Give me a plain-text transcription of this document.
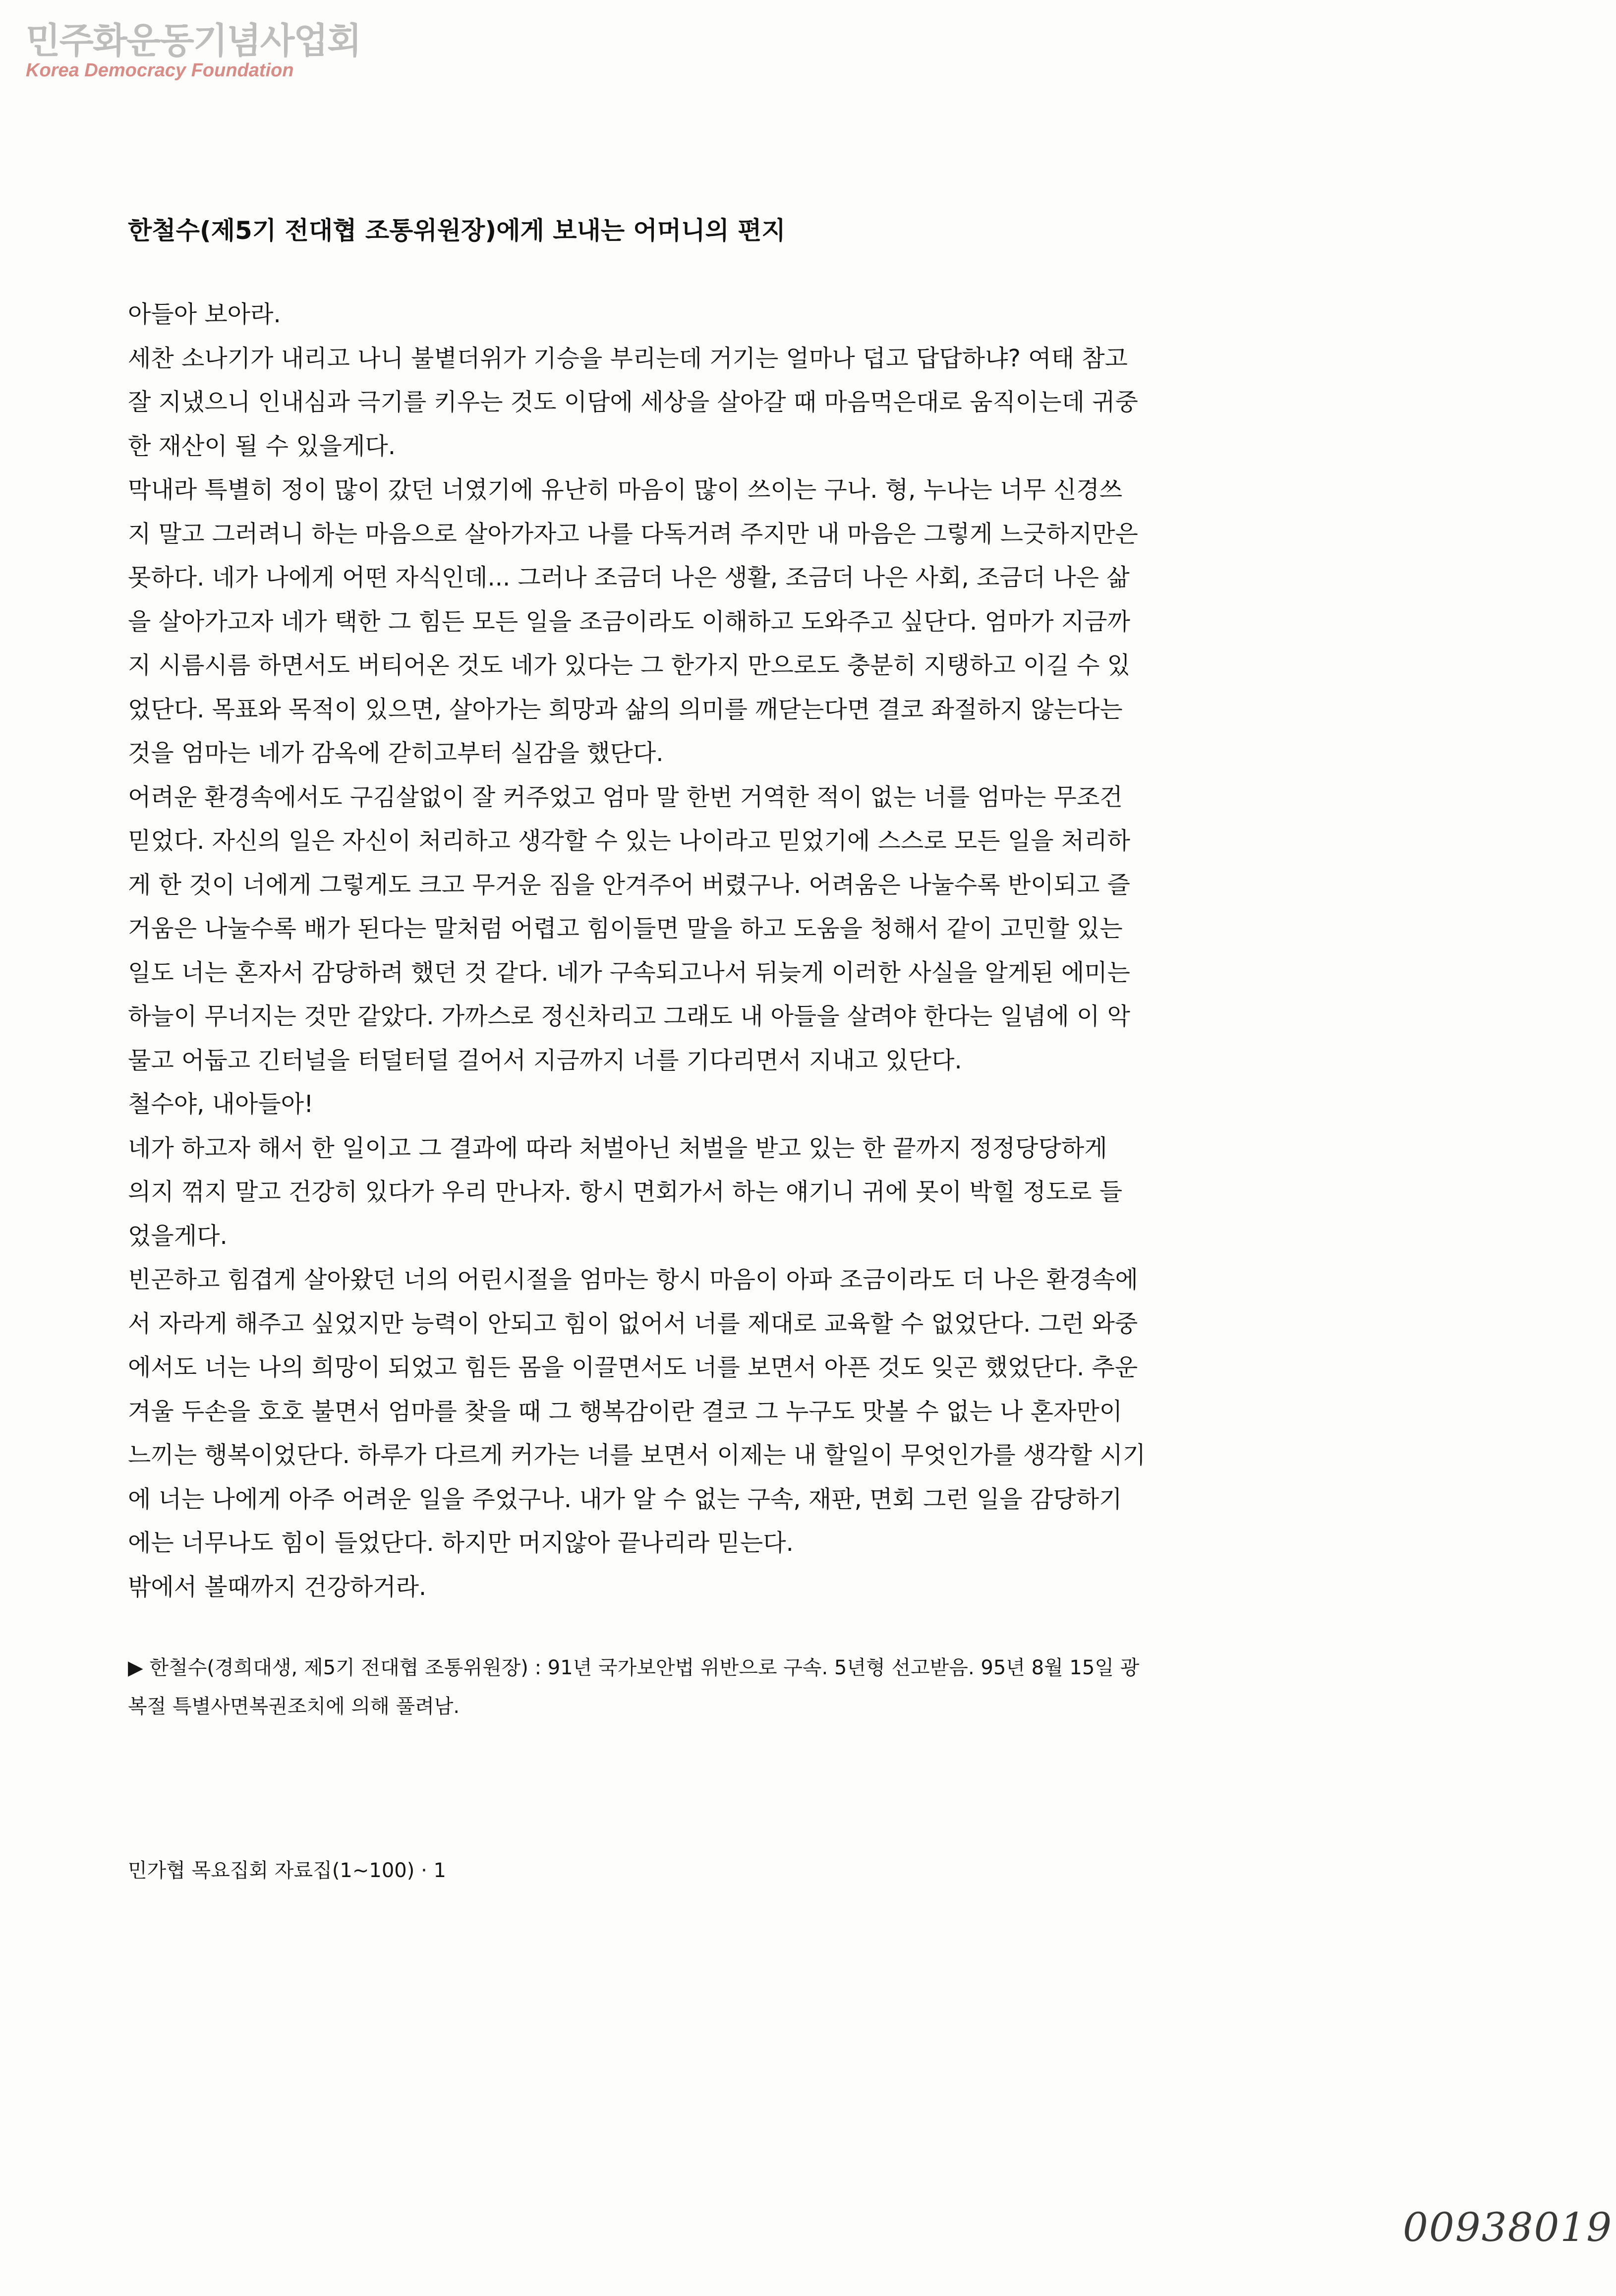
민주화운동기념사업회
Korea Democracy Foundation
한철수(제5기 전대협 조통위원장)에게 보내는 어머니의 편지
아들아 보아라.
세찬 소나기가 내리고 나니 불볕더위가 기승을 부리는데 거기는 얼마나 덥고 답답하냐? 여태 참고
잘 지냈으니 인내심과 극기를 키우는 것도 이담에 세상을 살아갈 때 마음먹은대로 움직이는데 귀중
한 재산이 될 수 있을게다.
막내라 특별히 정이 많이 갔던 너였기에 유난히 마음이 많이 쓰이는 구나. 형, 누나는 너무 신경쓰
지 말고 그러려니 하는 마음으로 살아가자고 나를 다독거려 주지만 내 마음은 그렇게 느긋하지만은
못하다. 네가 나에게 어떤 자식인데... 그러나 조금더 나은 생활, 조금더 나은 사회, 조금더 나은 삶
을 살아가고자 네가 택한 그 힘든 모든 일을 조금이라도 이해하고 도와주고 싶단다. 엄마가 지금까
지 시름시름 하면서도 버티어온 것도 네가 있다는 그 한가지 만으로도 충분히 지탱하고 이길 수 있
었단다. 목표와 목적이 있으면, 살아가는 희망과 삶의 의미를 깨닫는다면 결코 좌절하지 않는다는
것을 엄마는 네가 감옥에 갇히고부터 실감을 했단다.
어려운 환경속에서도 구김살없이 잘 커주었고 엄마 말 한번 거역한 적이 없는 너를 엄마는 무조건
믿었다. 자신의 일은 자신이 처리하고 생각할 수 있는 나이라고 믿었기에 스스로 모든 일을 처리하
게 한 것이 너에게 그렇게도 크고 무거운 짐을 안겨주어 버렸구나. 어려움은 나눌수록 반이되고 즐
거움은 나눌수록 배가 된다는 말처럼 어렵고 힘이들면 말을 하고 도움을 청해서 같이 고민할 있는
일도 너는 혼자서 감당하려 했던 것 같다. 네가 구속되고나서 뒤늦게 이러한 사실을 알게된 에미는
하늘이 무너지는 것만 같았다. 가까스로 정신차리고 그래도 내 아들을 살려야 한다는 일념에 이 악
물고 어둡고 긴터널을 터덜터덜 걸어서 지금까지 너를 기다리면서 지내고 있단다.
철수야, 내아들아!
네가 하고자 해서 한 일이고 그 결과에 따라 처벌아닌 처벌을 받고 있는 한 끝까지 정정당당하게
의지 꺾지 말고 건강히 있다가 우리 만나자. 항시 면회가서 하는 얘기니 귀에 못이 박힐 정도로 들
었을게다.
빈곤하고 힘겹게 살아왔던 너의 어린시절을 엄마는 항시 마음이 아파 조금이라도 더 나은 환경속에
서 자라게 해주고 싶었지만 능력이 안되고 힘이 없어서 너를 제대로 교육할 수 없었단다. 그런 와중
에서도 너는 나의 희망이 되었고 힘든 몸을 이끌면서도 너를 보면서 아픈 것도 잊곤 했었단다. 추운
겨울 두손을 호호 불면서 엄마를 찾을 때 그 행복감이란 결코 그 누구도 맛볼 수 없는 나 혼자만이
느끼는 행복이었단다. 하루가 다르게 커가는 너를 보면서 이제는 내 할일이 무엇인가를 생각할 시기
에 너는 나에게 아주 어려운 일을 주었구나. 내가 알 수 없는 구속, 재판, 면회 그런 일을 감당하기
에는 너무나도 힘이 들었단다. 하지만 머지않아 끝나리라 믿는다.
밖에서 볼때까지 건강하거라.
▶ 한철수(경희대생, 제5기 전대협 조통위원장) : 91년 국가보안법 위반으로 구속. 5년형 선고받음. 95년 8월 15일 광
복절 특별사면복권조치에 의해 풀려남.
민가협 목요집회 자료집(1~100) · 1
00938019
